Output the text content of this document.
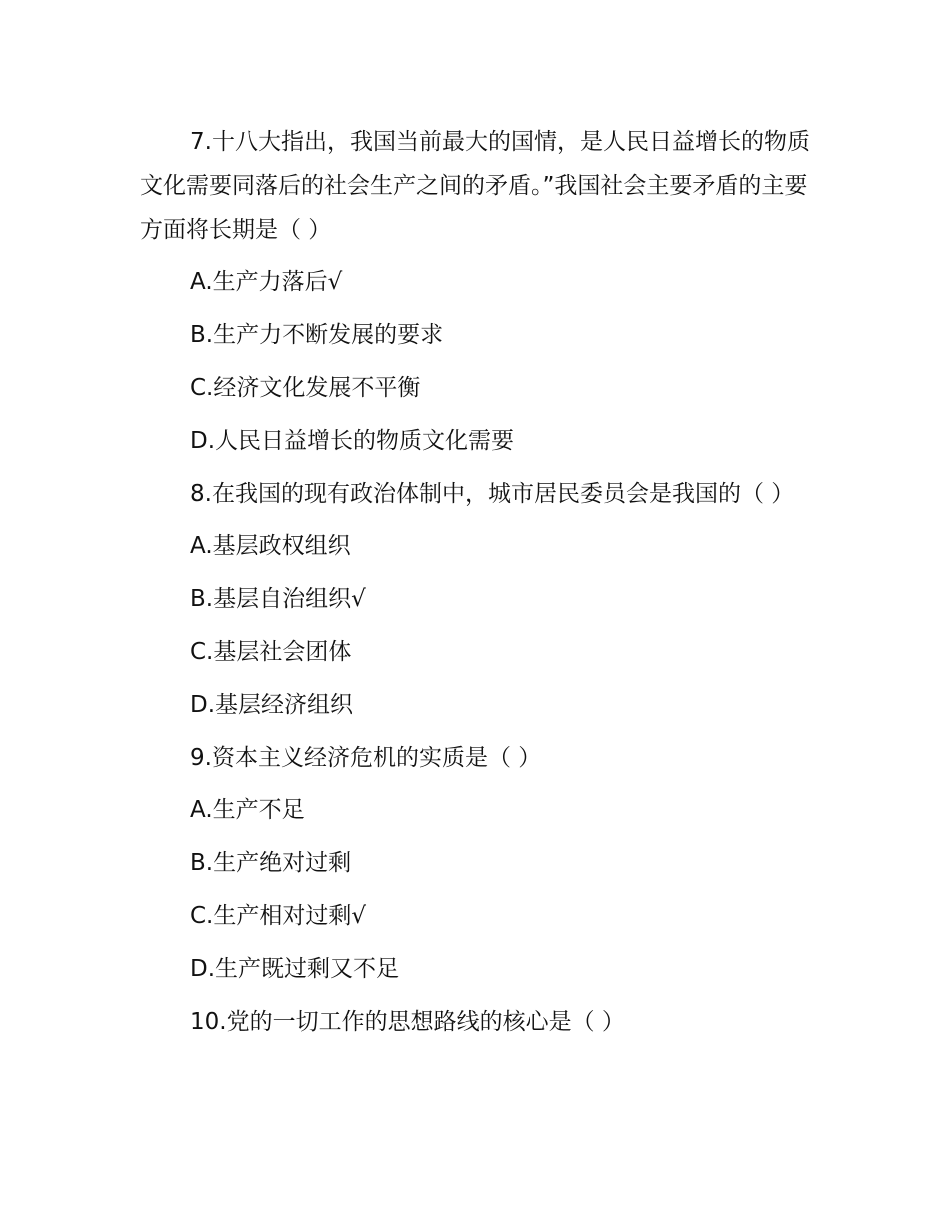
7.十八大指出，我国当前最大的国情，是人民日益增长的物质文化需要同落后的社会生产之间的矛盾。”我国社会主要矛盾的主要方面将长期是（ ）

A.生产力落后√
B.生产力不断发展的要求
C.经济文化发展不平衡
D.人民日益增长的物质文化需要

8.在我国的现有政治体制中，城市居民委员会是我国的（ ）

A.基层政权组织
B.基层自治组织√
C.基层社会团体
D.基层经济组织

9.资本主义经济危机的实质是（ ）

A.生产不足
B.生产绝对过剩
C.生产相对过剩√
D.生产既过剩又不足

10.党的一切工作的思想路线的核心是（ ）
